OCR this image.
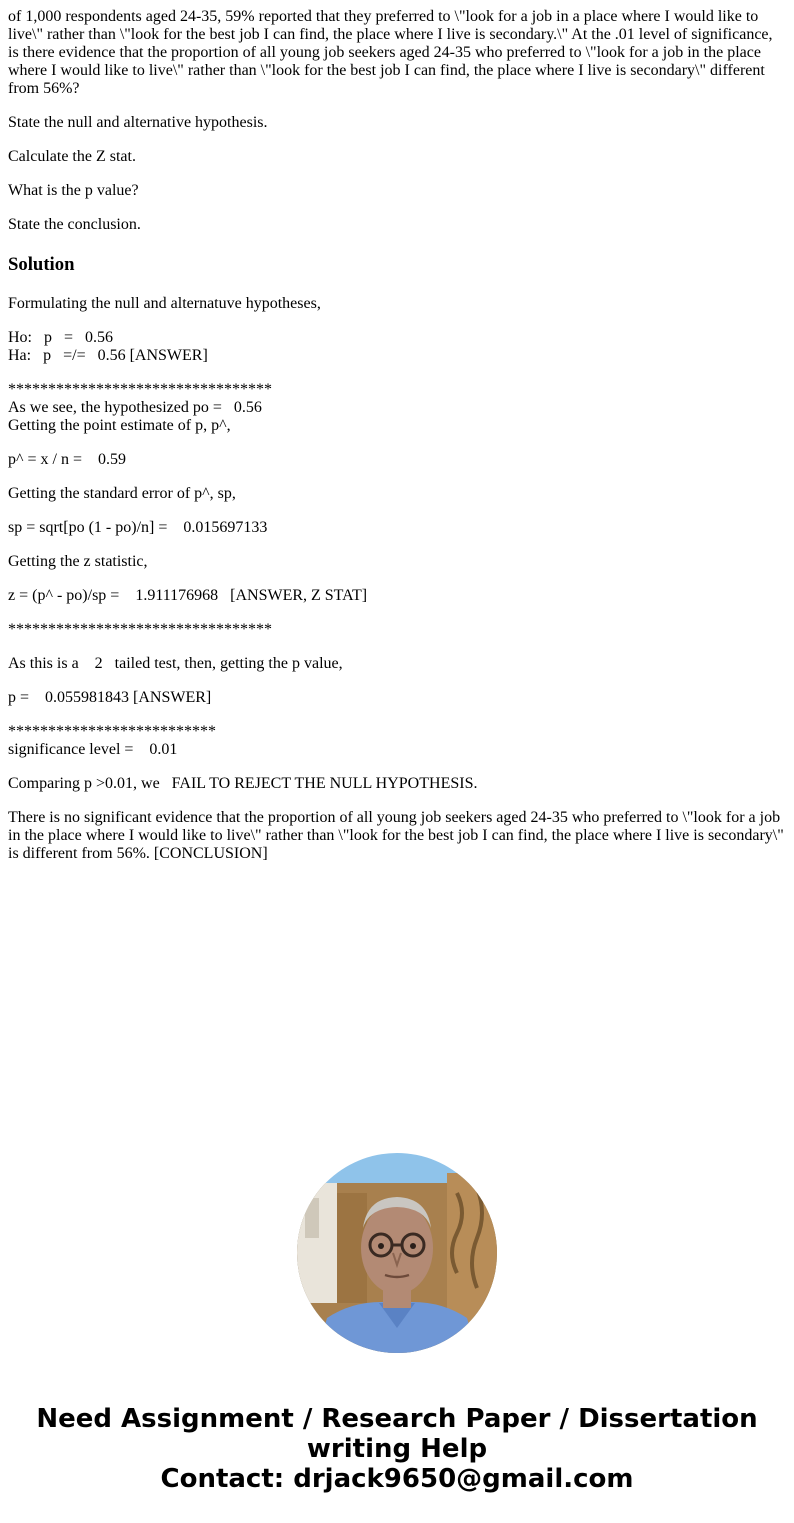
of 1,000 respondents aged 24-35, 59% reported that they preferred to \"look for a job in a place where I would like to live\" rather than \"look for the best job I can find, the place where I live is secondary.\" At the .01 level of significance, is there evidence that the proportion of all young job seekers aged 24-35 who preferred to \"look for a job in the place where I would like to live\" rather than \"look for the best job I can find, the place where I live is secondary\" different from 56%?

State the null and alternative hypothesis.

Calculate the Z stat.

What is the p value?

State the conclusion.

Solution

Formulating the null and alternatuve hypotheses,

Ho:   p   =   0.56

Ha:   p   =/=   0.56 [ANSWER]

*********************************

As we see, the hypothesized po =   0.56

Getting the point estimate of p, p^,

p^ = x / n =    0.59

Getting the standard error of p^, sp,

sp = sqrt[po (1 - po)/n] =    0.015697133

Getting the z statistic,

z = (p^ - po)/sp =    1.911176968   [ANSWER, Z STAT]

*********************************

As this is a    2   tailed test, then, getting the p value,

p =    0.055981843 [ANSWER]

**************************

significance level =    0.01

Comparing p >0.01, we   FAIL TO REJECT THE NULL HYPOTHESIS.

There is no significant evidence that the proportion of all young job seekers aged 24-35 who preferred to \"look for a job in the place where I would like to live\" rather than \"look for the best job I can find, the place where I live is secondary\" is different from 56%. [CONCLUSION]

Need Assignment / Research Paper / Dissertation writing Help
Contact: drjack9650@gmail.com
